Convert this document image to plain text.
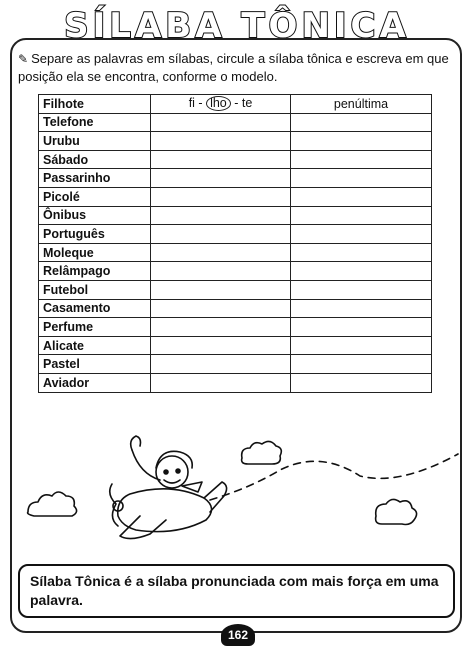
SÍLABA TÔNICA
✎ Separe as palavras em sílabas, circule a sílaba tônica e escreva em que posição ela se encontra, conforme o modelo.
Filhote	fi - lho - te	penúltima
Telefone		
Urubu		
Sábado		
Passarinho		
Picolé		
Ônibus		
Português		
Moleque		
Relâmpago		
Futebol		
Casamento		
Perfume		
Alicate		
Pastel		
Aviador		
Sílaba Tônica é a sílaba pronunciada com mais força em uma palavra.
162
